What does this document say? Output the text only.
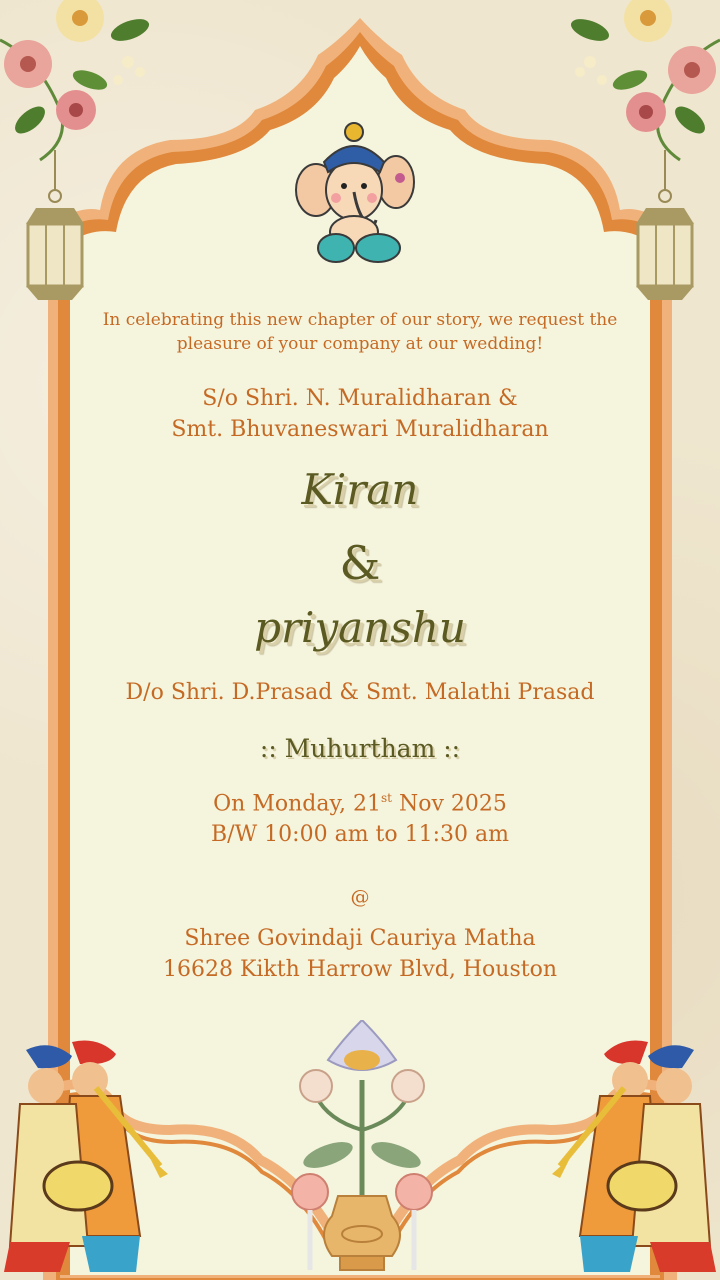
In celebrating this new chapter of our story, we request the pleasure of your company at our wedding!
S/o Shri. N. Muralidharan &
Smt. Bhuvaneswari Muralidharan
Kiran
&
priyanshu
D/o Shri. D.Prasad & Smt. Malathi Prasad
:: Muhurtham ::
On Monday, 21st Nov 2025
B/W 10:00 am to 11:30 am
@
Shree Govindaji Cauriya Matha
16628 Kikth Harrow Blvd, Houston
